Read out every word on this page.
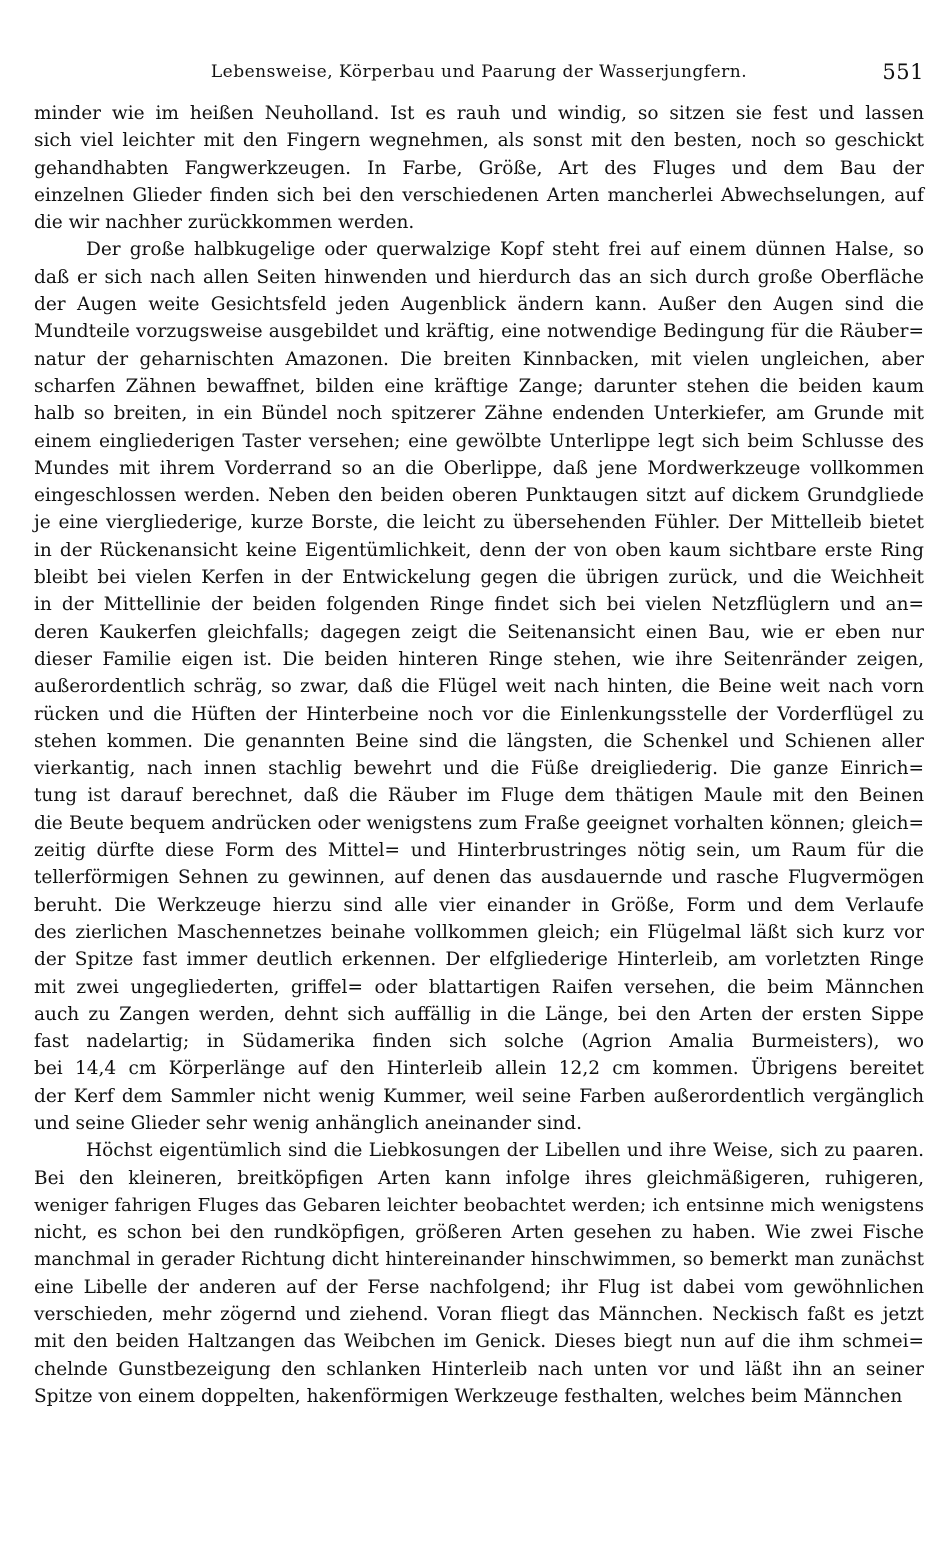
Lebensweise, Körperbau und Paarung der Wasserjungfern.	551
minder wie im heißen Neuholland. Ist es rauh und windig, so sitzen sie fest und lassen
sich viel leichter mit den Fingern wegnehmen, als sonst mit den besten, noch so geschickt
gehandhabten Fangwerkzeugen. In Farbe, Größe, Art des Fluges und dem Bau der
einzelnen Glieder finden sich bei den verschiedenen Arten mancherlei Abwechselungen, auf
die wir nachher zurückkommen werden.
Der große halbkugelige oder querwalzige Kopf steht frei auf einem dünnen Halse, so
daß er sich nach allen Seiten hinwenden und hierdurch das an sich durch große Oberfläche
der Augen weite Gesichtsfeld jeden Augenblick ändern kann. Außer den Augen sind die
Mundteile vorzugsweise ausgebildet und kräftig, eine notwendige Bedingung für die Räuber=
natur der geharnischten Amazonen. Die breiten Kinnbacken, mit vielen ungleichen, aber
scharfen Zähnen bewaffnet, bilden eine kräftige Zange; darunter stehen die beiden kaum
halb so breiten, in ein Bündel noch spitzerer Zähne endenden Unterkiefer, am Grunde mit
einem eingliederigen Taster versehen; eine gewölbte Unterlippe legt sich beim Schlusse des
Mundes mit ihrem Vorderrand so an die Oberlippe, daß jene Mordwerkzeuge vollkommen
eingeschlossen werden. Neben den beiden oberen Punktaugen sitzt auf dickem Grundgliede
je eine viergliederige, kurze Borste, die leicht zu übersehenden Fühler. Der Mittelleib bietet
in der Rückenansicht keine Eigentümlichkeit, denn der von oben kaum sichtbare erste Ring
bleibt bei vielen Kerfen in der Entwickelung gegen die übrigen zurück, und die Weichheit
in der Mittellinie der beiden folgenden Ringe findet sich bei vielen Netzflüglern und an=
deren Kaukerfen gleichfalls; dagegen zeigt die Seitenansicht einen Bau, wie er eben nur
dieser Familie eigen ist. Die beiden hinteren Ringe stehen, wie ihre Seitenränder zeigen,
außerordentlich schräg, so zwar, daß die Flügel weit nach hinten, die Beine weit nach vorn
rücken und die Hüften der Hinterbeine noch vor die Einlenkungsstelle der Vorderflügel zu
stehen kommen. Die genannten Beine sind die längsten, die Schenkel und Schienen aller
vierkantig, nach innen stachlig bewehrt und die Füße dreigliederig. Die ganze Einrich=
tung ist darauf berechnet, daß die Räuber im Fluge dem thätigen Maule mit den Beinen
die Beute bequem andrücken oder wenigstens zum Fraße geeignet vorhalten können; gleich=
zeitig dürfte diese Form des Mittel= und Hinterbrustringes nötig sein, um Raum für die
tellerförmigen Sehnen zu gewinnen, auf denen das ausdauernde und rasche Flugvermögen
beruht. Die Werkzeuge hierzu sind alle vier einander in Größe, Form und dem Verlaufe
des zierlichen Maschennetzes beinahe vollkommen gleich; ein Flügelmal läßt sich kurz vor
der Spitze fast immer deutlich erkennen. Der elfgliederige Hinterleib, am vorletzten Ringe
mit zwei ungegliederten, griffel= oder blattartigen Raifen versehen, die beim Männchen
auch zu Zangen werden, dehnt sich auffällig in die Länge, bei den Arten der ersten Sippe
fast nadelartig; in Südamerika finden sich solche (Agrion Amalia Burmeisters), wo
bei 14,4 cm Körperlänge auf den Hinterleib allein 12,2 cm kommen. Übrigens bereitet
der Kerf dem Sammler nicht wenig Kummer, weil seine Farben außerordentlich vergänglich
und seine Glieder sehr wenig anhänglich aneinander sind.
Höchst eigentümlich sind die Liebkosungen der Libellen und ihre Weise, sich zu paaren.
Bei den kleineren, breitköpfigen Arten kann infolge ihres gleichmäßigeren, ruhigeren,
weniger fahrigen Fluges das Gebaren leichter beobachtet werden; ich entsinne mich wenigstens
nicht, es schon bei den rundköpfigen, größeren Arten gesehen zu haben. Wie zwei Fische
manchmal in gerader Richtung dicht hintereinander hinschwimmen, so bemerkt man zunächst
eine Libelle der anderen auf der Ferse nachfolgend; ihr Flug ist dabei vom gewöhnlichen
verschieden, mehr zögernd und ziehend. Voran fliegt das Männchen. Neckisch faßt es jetzt
mit den beiden Haltzangen das Weibchen im Genick. Dieses biegt nun auf die ihm schmei=
chelnde Gunstbezeigung den schlanken Hinterleib nach unten vor und läßt ihn an seiner
Spitze von einem doppelten, hakenförmigen Werkzeuge festhalten, welches beim Männchen
